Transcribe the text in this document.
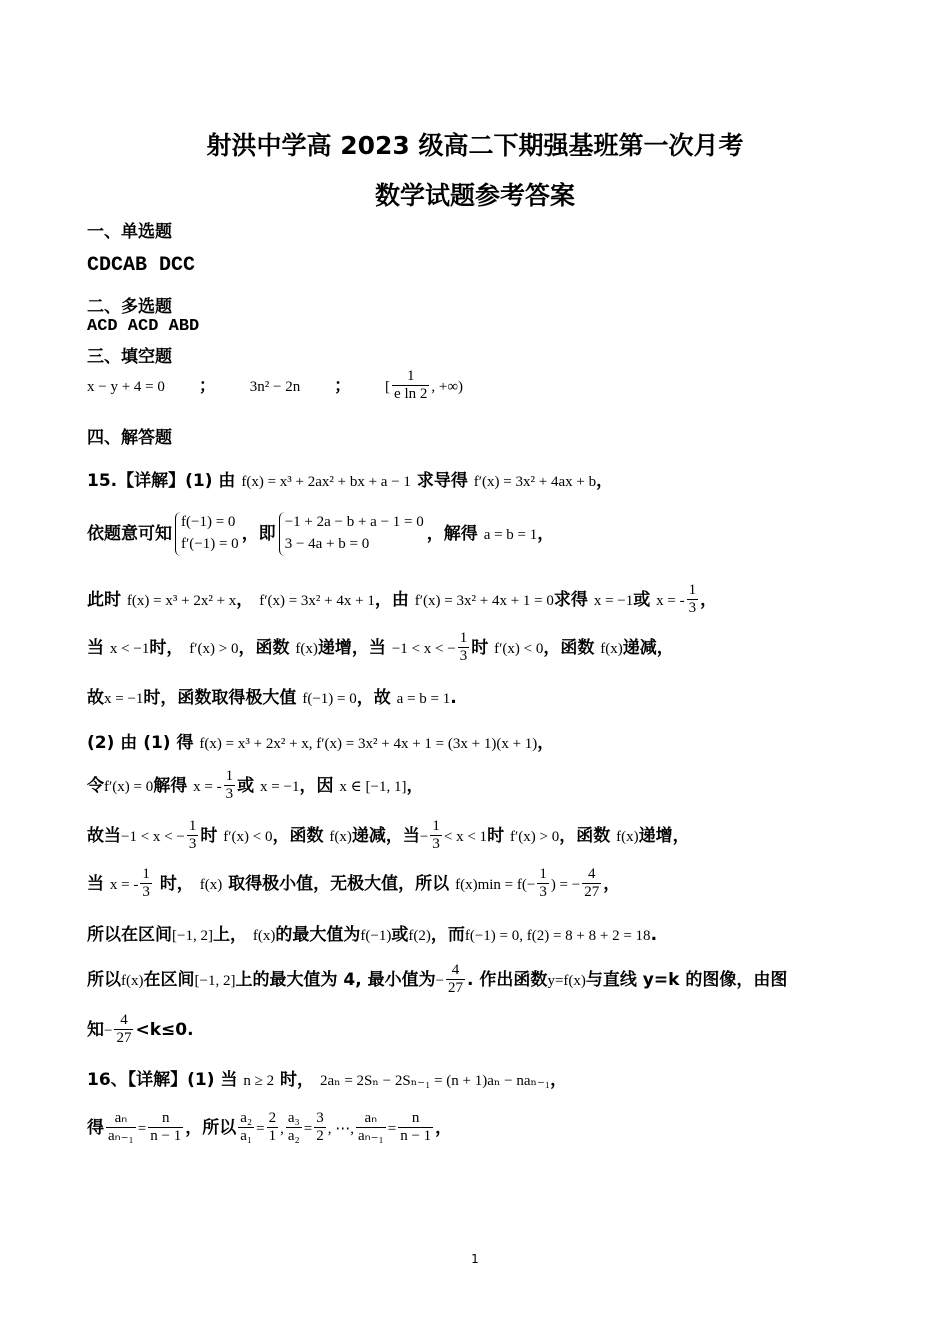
射洪中学高 2023 级高二下期强基班第一次月考
数学试题参考答案
一、单选题
CDCAB DCC
二、多选题
ACD ACD ABD
三、填空题
x − y + 4 = 0 ； 3n² − 2n ； [ $\frac{1}{\text{e ln 2}}$ , +∞)
四、解答题
15.【详解】(1) 由 f(x) = x³ + 2ax² + bx + a − 1 求导得 f′(x) = 3x² + 4ax + b，
依题意可知
f(−1) = 0
f′(−1) = 0 ，即
−1 + 2a − b + a − 1 = 0
3 − 4a + b = 0	，解得 a = b = 1，
此时 f(x) = x³ + 2x² + x， f′(x) = 3x² + 4x + 1，由 f′(x) = 3x² + 4x + 1 = 0求得 x = −1或 x = - $\frac{1}{3}$ ，
当 x < −1时， f′(x) > 0，函数 f(x)递增，当 −1 < x < − $\frac{1}{3}$ 时 f′(x) < 0，函数 f(x)递减，
故x = −1时，函数取得极大值 f(−1) = 0，故 a = b = 1.
(2) 由 (1) 得 f(x) = x³ + 2x² + x, f′(x) = 3x² + 4x + 1 = (3x + 1)(x + 1)，
令f′(x) = 0解得 x = - $\frac{1}{3}$ 或 x = −1，因 x ∈ [−1, 1]，
故当−1 < x < − $\frac{1}{3}$ 时 f′(x) < 0，函数 f(x)递减，当− $\frac{1}{3} < x < 1$时 f′(x) > 0，函数 f(x)递增，
当 x = - $\frac{1}{3}$ 时， f(x) 取得极小值，无极大值，所以 $f(x)\min = f(- \frac{1}{3}$ ) = − $\frac{4}{27}$ ，
所以在区间[−1, 2]上， f(x)的最大值为f(−1)或f(2)，而f(−1) = 0, f(2) = 8 + 8 + 2 = 18.
所以f(x)在区间[−1, 2]上的最大值为 4, 最小值为− $\frac{4}{27}$ . 作出函数y=f(x)与直线 y=k 的图像，由图
知− $\frac{4}{27} <k\le 0$.
16、【详解】(1) 当 n ≥ 2 时， 2aₙ = 2Sₙ − 2Sₙ₋₁ = (n + 1)aₙ − naₙ₋₁，
得 $\frac{\text{aₙ}}{\text{aₙ₋₁}} = \frac{n}{n - 1}$ ，所以 $\frac{\text{a₂}}{\text{a₁}} = \frac{2}{1}$ , $\frac{\text{a₃}}{\text{a₂}} = \frac{3}{2}$ , ⋯, $\frac{\text{aₙ}}{\text{aₙ₋₁}} = \frac{n}{n - 1}$ ，
1
